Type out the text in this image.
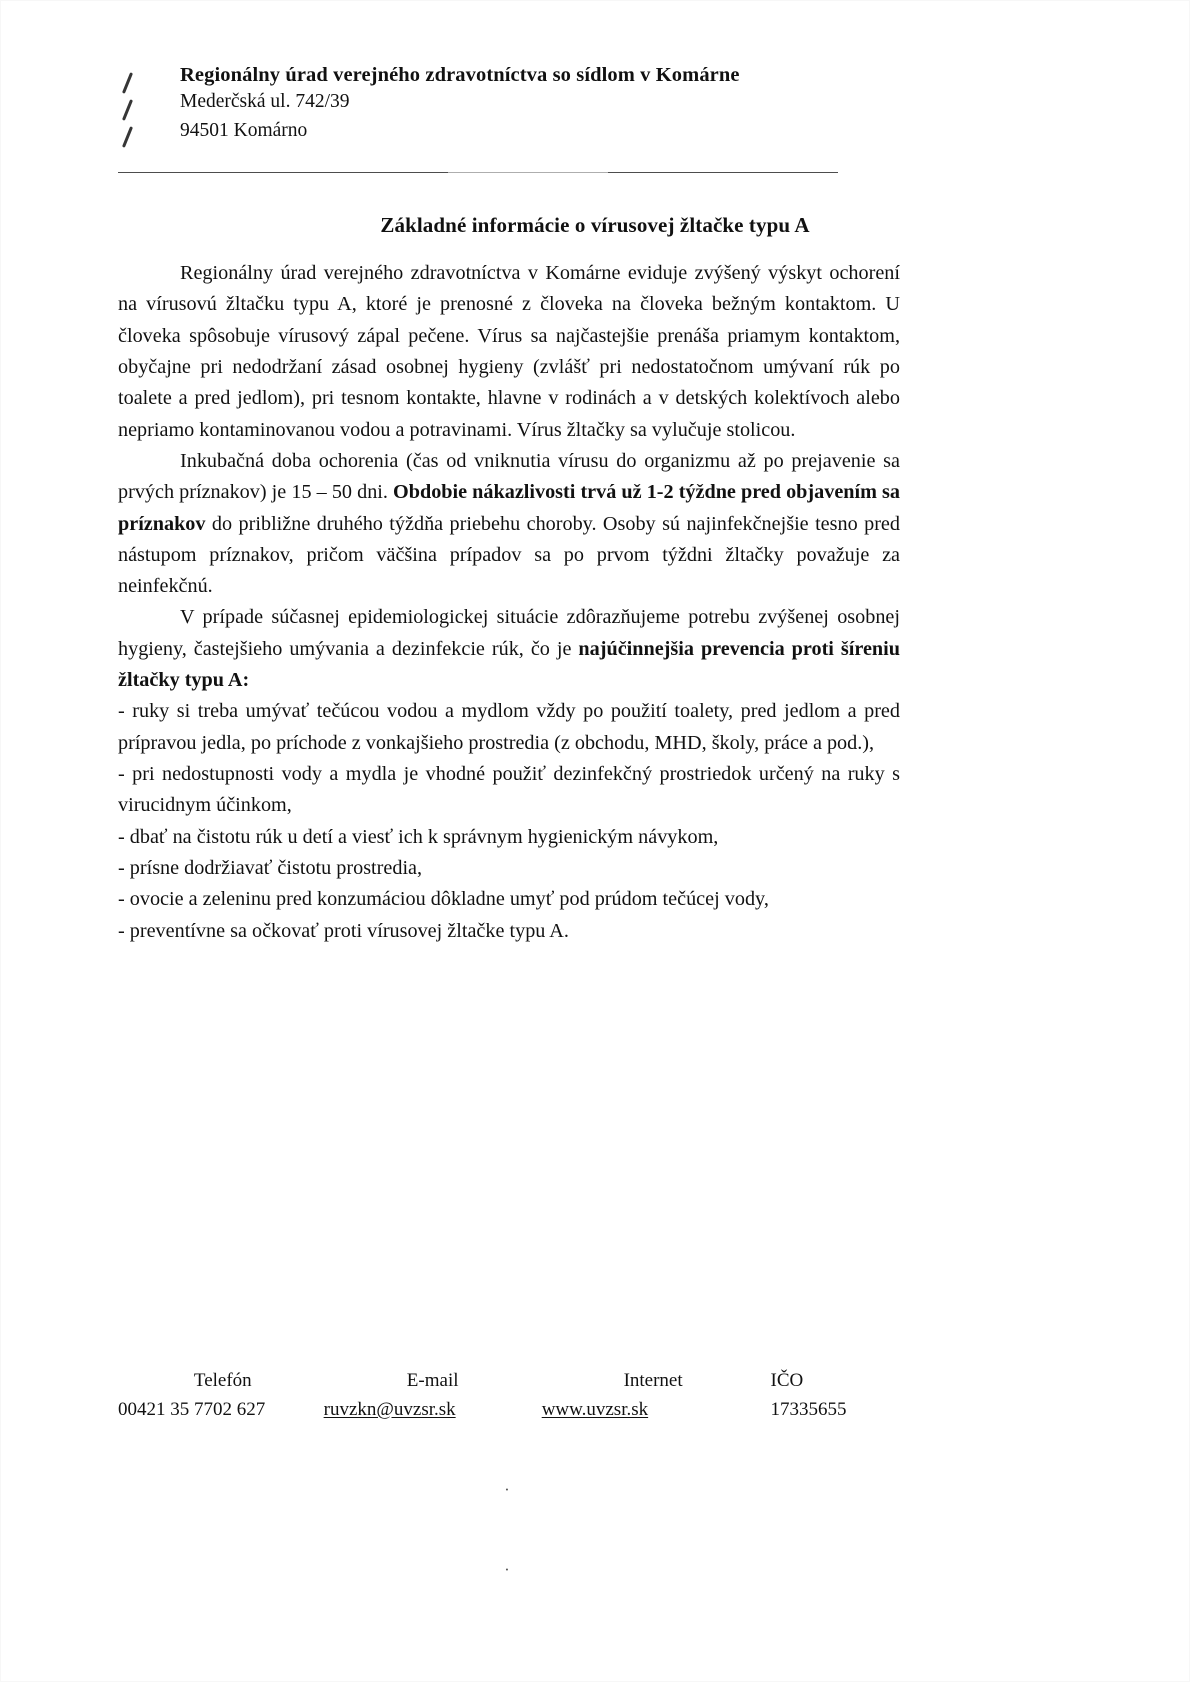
Regionálny úrad verejného zdravotníctva so sídlom v Komárne
Mederčská ul. 742/39
94501 Komárno
Základné informácie o vírusovej žltačke typu A

Regionálny úrad verejného zdravotníctva v Komárne eviduje zvýšený výskyt ochorení na vírusovú žltačku typu A, ktoré je prenosné z človeka na človeka bežným kontaktom. U človeka spôsobuje vírusový zápal pečene. Vírus sa najčastejšie prenáša priamym kontaktom, obyčajne pri nedodržaní zásad osobnej hygieny (zvlášť pri nedostatočnom umývaní rúk po toalete a pred jedlom), pri tesnom kontakte, hlavne v rodinách a v detských kolektívoch alebo nepriamo kontaminovanou vodou a potravinami. Vírus žltačky sa vylučuje stolicou.

Inkubačná doba ochorenia (čas od vniknutia vírusu do organizmu až po prejavenie sa prvých príznakov) je 15 – 50 dni. Obdobie nákazlivosti trvá už 1-2 týždne pred objavením sa príznakov do približne druhého týždňa priebehu choroby. Osoby sú najinfekčnejšie tesno pred nástupom príznakov, pričom väčšina prípadov sa po prvom týždni žltačky považuje za neinfekčnú.

V prípade súčasnej epidemiologickej situácie zdôrazňujeme potrebu zvýšenej osobnej hygieny, častejšieho umývania a dezinfekcie rúk, čo je najúčinnejšia prevencia proti šíreniu žltačky typu A:

- ruky si treba umývať tečúcou vodou a mydlom vždy po použití toalety, pred jedlom a pred prípravou jedla, po príchode z vonkajšieho prostredia (z obchodu, MHD, školy, práce a pod.),

- pri nedostupnosti vody a mydla je vhodné použiť dezinfekčný prostriedok určený na ruky s virucidnym účinkom,

- dbať na čistotu rúk u detí a viesť ich k správnym hygienickým návykom,

- prísne dodržiavať čistotu prostredia,

- ovocie a zeleninu pred konzumáciou dôkladne umyť pod prúdom tečúcej vody,

- preventívne sa očkovať proti vírusovej žltačke typu A.

·
Telefón	E-mail	Internet	IČO
00421 35 7702 627	ruvzkn@uvzsr.sk	www.uvzsr.sk	17335655
·
